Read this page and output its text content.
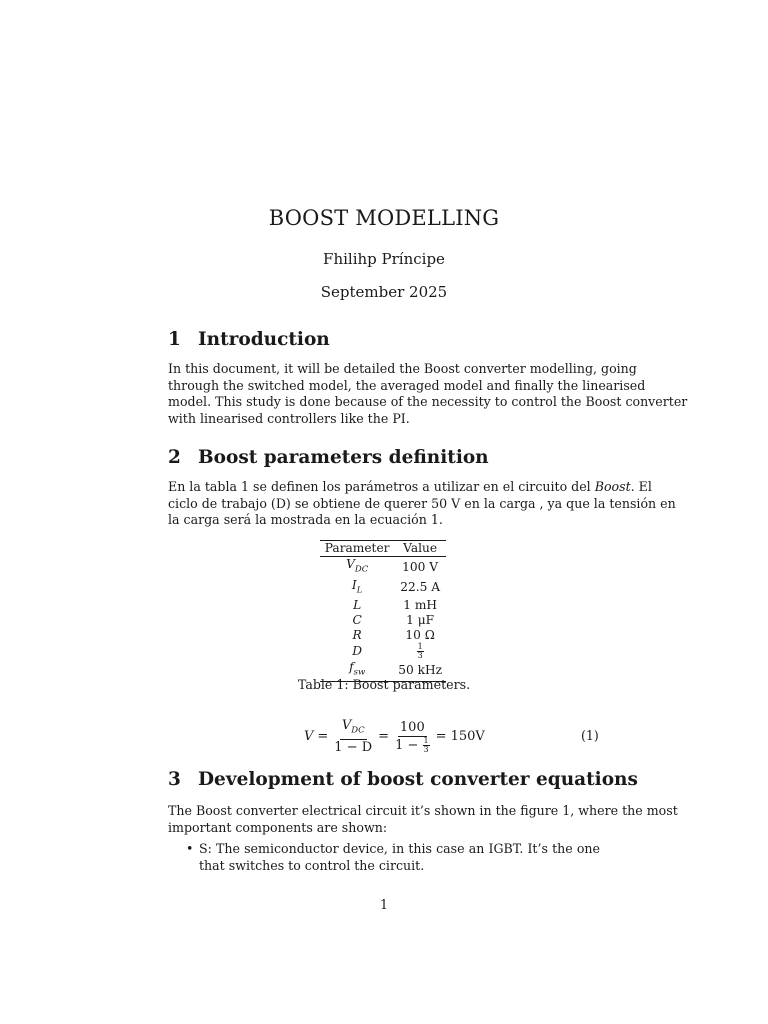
BOOST MODELLING
Fhilihp Príncipe
September 2025
1 Introduction
In this document, it will be detailed the Boost converter modelling, going
through the switched model, the averaged model and finally the linearised
model. This study is done because of the necessity to control the Boost converter
with linearised controllers like the PI.
2 Boost parameters definition
En la tabla 1 se definen los parámetros a utilizar en el circuito del Boost. El
ciclo de trabajo (D) se obtiene de querer 50 V en la carga , ya que la tensión en
la carga será la mostrada en la ecuación 1.
Parameter	Value
$V_{DC}$	100 V
$I_L$	22.5 A
L	1 mH
C	1 μF
R	10 Ω
D	$\frac{1}{3}$

$f_{sw}$	50 kHz
Table 1: Boost parameters.
$V = \frac{V_{DC}}{1 - D} = \frac{100}{1 - \frac{1}{3}} = 150V$	(1)
3 Development of boost converter equations
The Boost converter electrical circuit it’s shown in the figure 1, where the most
important components are shown:
• S: The semiconductor device, in this case an IGBT. It’s the one that switches to control the circuit.
1
